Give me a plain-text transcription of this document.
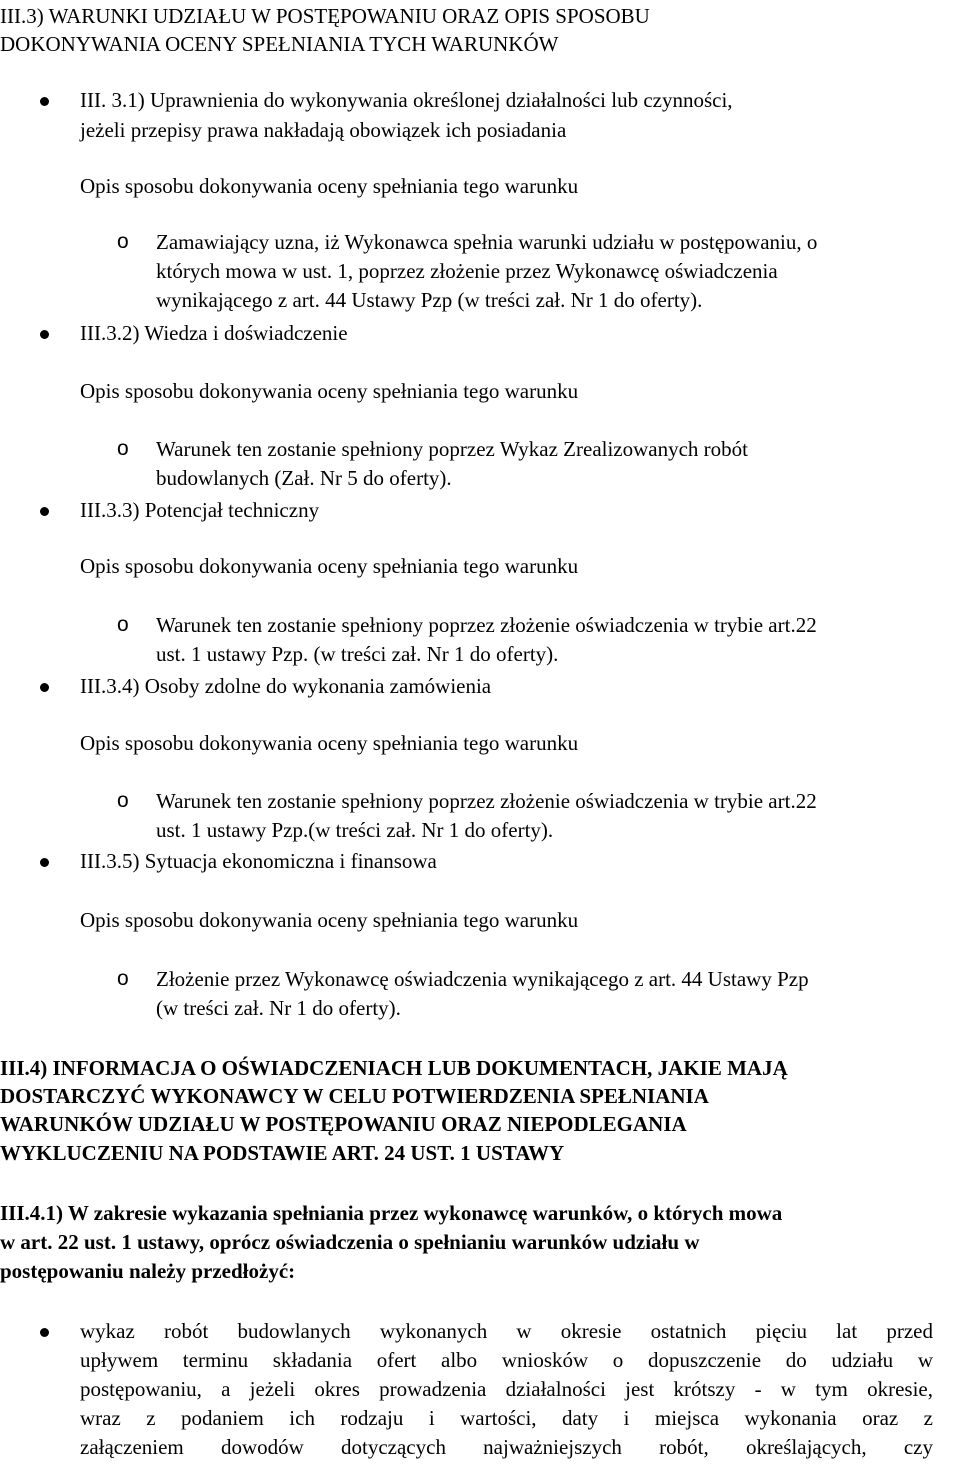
III.3) WARUNKI UDZIAŁU W POSTĘPOWANIU ORAZ OPIS SPOSOBU
DOKONYWANIA OCENY SPEŁNIANIA TYCH WARUNKÓW
III. 3.1) Uprawnienia do wykonywania określonej działalności lub czynności,
jeżeli przepisy prawa nakładają obowiązek ich posiadania
Opis sposobu dokonywania oceny spełniania tego warunku
o Zamawiający uzna, iż Wykonawca spełnia warunki udziału w postępowaniu, o
których mowa w ust. 1, poprzez złożenie przez Wykonawcę oświadczenia
wynikającego z art. 44 Ustawy Pzp (w treści zał. Nr 1 do oferty).
III.3.2) Wiedza i doświadczenie
Opis sposobu dokonywania oceny spełniania tego warunku
o Warunek ten zostanie spełniony poprzez Wykaz Zrealizowanych robót
budowlanych (Zał. Nr 5 do oferty).
III.3.3) Potencjał techniczny
Opis sposobu dokonywania oceny spełniania tego warunku
o Warunek ten zostanie spełniony poprzez złożenie oświadczenia w trybie art.22
ust. 1 ustawy Pzp. (w treści zał. Nr 1 do oferty).
III.3.4) Osoby zdolne do wykonania zamówienia
Opis sposobu dokonywania oceny spełniania tego warunku
o Warunek ten zostanie spełniony poprzez złożenie oświadczenia w trybie art.22
ust. 1 ustawy Pzp.(w treści zał. Nr 1 do oferty).
III.3.5) Sytuacja ekonomiczna i finansowa
Opis sposobu dokonywania oceny spełniania tego warunku
o Złożenie przez Wykonawcę oświadczenia wynikającego z art. 44 Ustawy Pzp
(w treści zał. Nr 1 do oferty).
III.4) INFORMACJA O OŚWIADCZENIACH LUB DOKUMENTACH, JAKIE MAJĄ
DOSTARCZYĆ WYKONAWCY W CELU POTWIERDZENIA SPEŁNIANIA
WARUNKÓW UDZIAŁU W POSTĘPOWANIU ORAZ NIEPODLEGANIA
WYKLUCZENIU NA PODSTAWIE ART. 24 UST. 1 USTAWY
III.4.1) W zakresie wykazania spełniania przez wykonawcę warunków, o których mowa
w art. 22 ust. 1 ustawy, oprócz oświadczenia o spełnianiu warunków udziału w
postępowaniu należy przedłożyć:
wykaz robót budowlanych wykonanych w okresie ostatnich pięciu lat przed
upływem terminu składania ofert albo wniosków o dopuszczenie do udziału w
postępowaniu, a jeżeli okres prowadzenia działalności jest krótszy - w tym okresie,
wraz z podaniem ich rodzaju i wartości, daty i miejsca wykonania oraz z
załączeniem dowodów dotyczących najważniejszych robót, określających, czy
